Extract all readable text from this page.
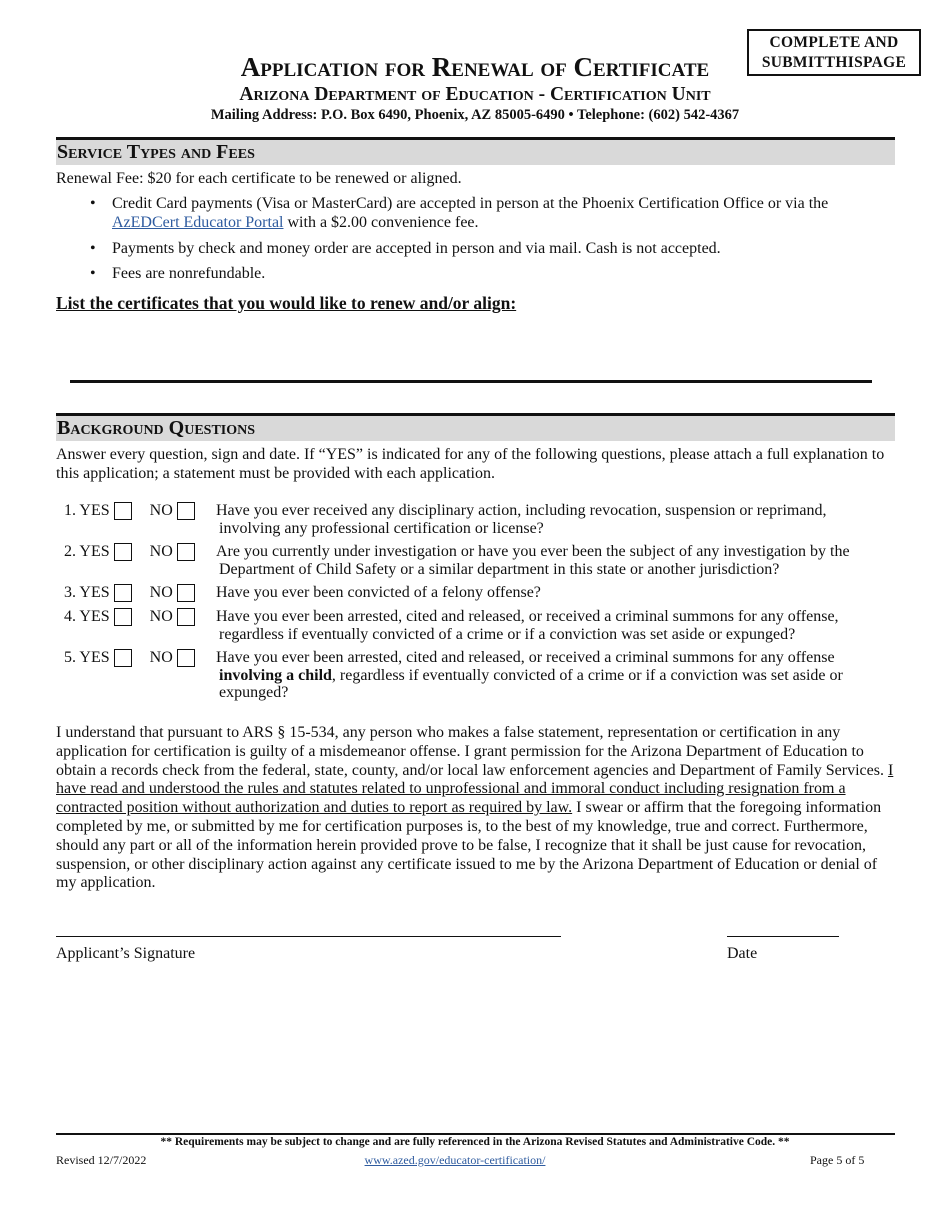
COMPLETE AND
SUBMITTHISPAGE
Application for Renewal of Certificate
Arizona Department of Education - Certification Unit
Mailing Address: P.O. Box 6490, Phoenix, AZ 85005-6490 • Telephone: (602) 542-4367
Service Types and Fees
Renewal Fee: $20 for each certificate to be renewed or aligned.
• Credit Card payments (Visa or MasterCard) are accepted in person at the Phoenix Certification Office or via the AzEDCert Educator Portal with a $2.00 convenience fee.
• Payments by check and money order are accepted in person and via mail. Cash is not accepted.
• Fees are nonrefundable.
List the certificates that you would like to renew and/or align:
Background Questions
Answer every question, sign and date. If “YES” is indicated for any of the following questions, please attach a full explanation to this application; a statement must be provided with each application.
1. YES	NO	Have you ever received any disciplinary action, including revocation, suspension or reprimand,
involving any professional certification or license?
2. YES	NO	Are you currently under investigation or have you ever been the subject of any investigation by the
Department of Child Safety or a similar department in this state or another jurisdiction?
3. YES	NO	Have you ever been convicted of a felony offense?
4. YES	NO	Have you ever been arrested, cited and released, or received a criminal summons for any offense,
regardless if eventually convicted of a crime or if a conviction was set aside or expunged?
5. YES	NO	Have you ever been arrested, cited and released, or received a criminal summons for any offense
involving a child, regardless if eventually convicted of a crime or if a conviction was set aside or
expunged?
I understand that pursuant to ARS § 15-534, any person who makes a false statement, representation or certification in any application for certification is guilty of a misdemeanor offense. I grant permission for the Arizona Department of Education to obtain a records check from the federal, state, county, and/or local law enforcement agencies and Department of Family Services. I have read and understood the rules and statutes related to unprofessional and immoral conduct including resignation from a contracted position without authorization and duties to report as required by law. I swear or affirm that the foregoing information completed by me, or submitted by me for certification purposes is, to the best of my knowledge, true and correct. Furthermore, should any part or all of the information herein provided prove to be false, I recognize that it shall be just cause for revocation, suspension, or other disciplinary action against any certificate issued to me by the Arizona Department of Education or denial of my application.
Applicant’s Signature	Date
** Requirements may be subject to change and are fully referenced in the Arizona Revised Statutes and Administrative Code. **
Revised 12/7/2022	www.azed.gov/educator-certification/	Page 5 of 5
